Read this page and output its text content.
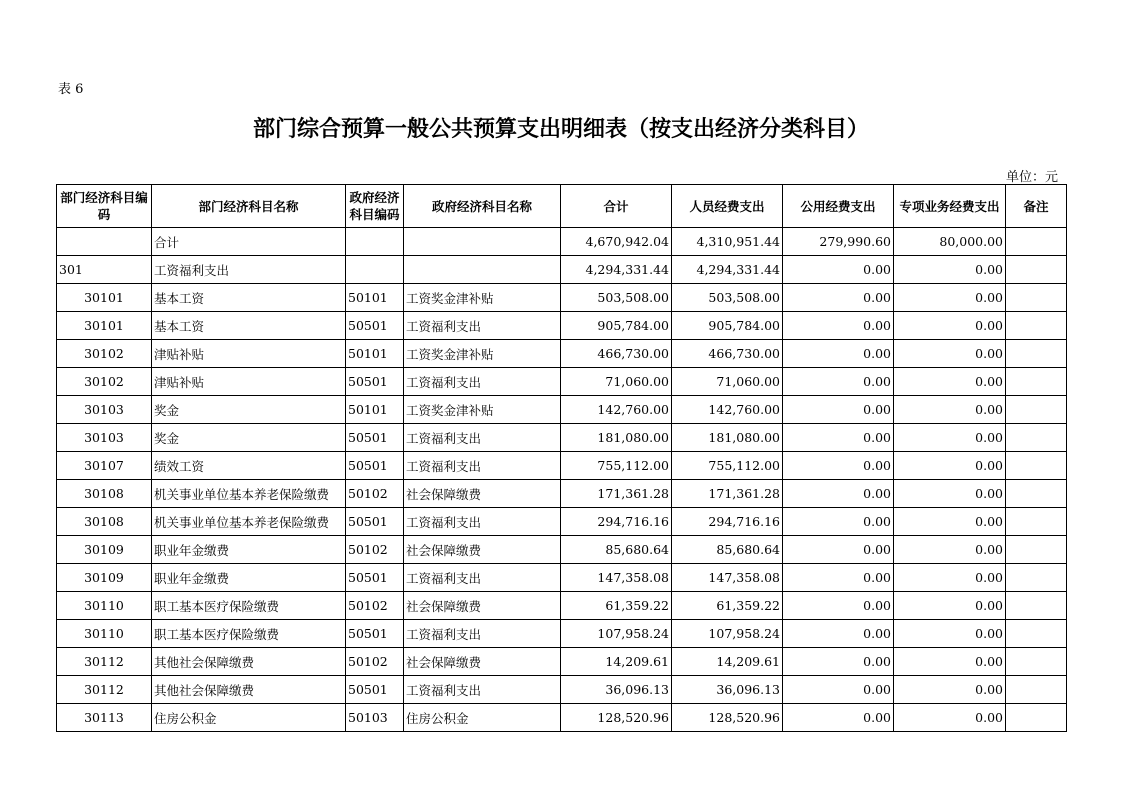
表 6
部门综合预算一般公共预算支出明细表（按支出经济分类科目）
单位：元
部门经济科目编码	部门经济科目名称	政府经济科目编码	政府经济科目名称	合计	人员经费支出	公用经费支出	专项业务经费支出	备注
	合计			4,670,942.04	4,310,951.44	279,990.60	80,000.00	
301	工资福利支出			4,294,331.44	4,294,331.44	0.00	0.00	
30101	基本工资	50101	工资奖金津补贴	503,508.00	503,508.00	0.00	0.00	
30101	基本工资	50501	工资福利支出	905,784.00	905,784.00	0.00	0.00	
30102	津贴补贴	50101	工资奖金津补贴	466,730.00	466,730.00	0.00	0.00	
30102	津贴补贴	50501	工资福利支出	71,060.00	71,060.00	0.00	0.00	
30103	奖金	50101	工资奖金津补贴	142,760.00	142,760.00	0.00	0.00	
30103	奖金	50501	工资福利支出	181,080.00	181,080.00	0.00	0.00	
30107	绩效工资	50501	工资福利支出	755,112.00	755,112.00	0.00	0.00	
30108	机关事业单位基本养老保险缴费	50102	社会保障缴费	171,361.28	171,361.28	0.00	0.00	
30108	机关事业单位基本养老保险缴费	50501	工资福利支出	294,716.16	294,716.16	0.00	0.00	
30109	职业年金缴费	50102	社会保障缴费	85,680.64	85,680.64	0.00	0.00	
30109	职业年金缴费	50501	工资福利支出	147,358.08	147,358.08	0.00	0.00	
30110	职工基本医疗保险缴费	50102	社会保障缴费	61,359.22	61,359.22	0.00	0.00	
30110	职工基本医疗保险缴费	50501	工资福利支出	107,958.24	107,958.24	0.00	0.00	
30112	其他社会保障缴费	50102	社会保障缴费	14,209.61	14,209.61	0.00	0.00	
30112	其他社会保障缴费	50501	工资福利支出	36,096.13	36,096.13	0.00	0.00	
30113	住房公积金	50103	住房公积金	128,520.96	128,520.96	0.00	0.00	
